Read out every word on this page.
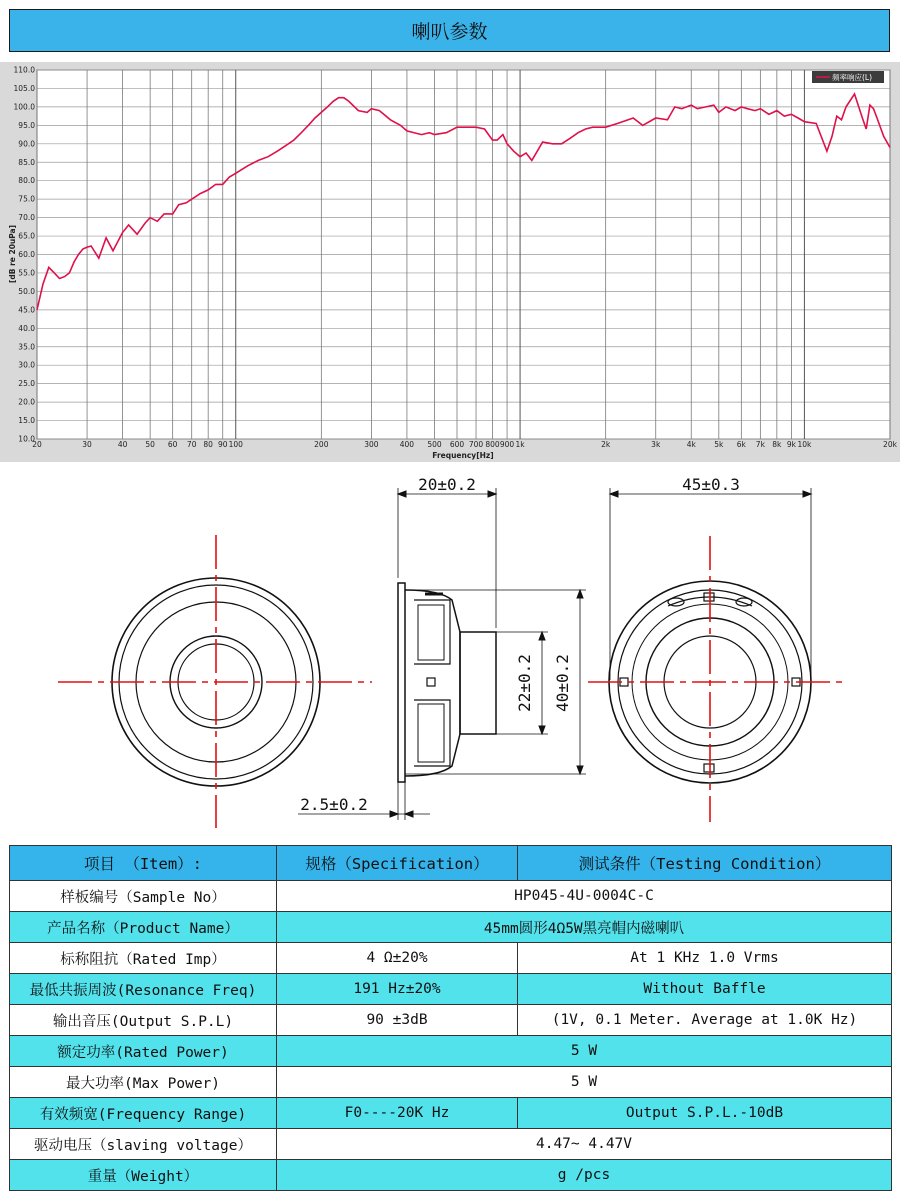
喇叭参数
10.0
15.0
20.0
25.0
30.0
35.0
40.0
45.0
50.0
55.0
60.0
65.0
70.0
75.0
80.0
85.0
90.0
95.0
100.0
105.0
110.0
20	30	40 50 60 70 80 90 100	200	300	400 500 600 700 800 900 1k	2k	3k	4k 5k 6k 7k 8k 9k 10k	20k
[dB re 20uPa]
Frequency[Hz]
频率响应(L)
20±0.2
22±0.2 40±0.2
2.5±0.2
45±0.3
项目 （Item）:	规格（Specification）	测试条件（Testing Condition）
样板编号（Sample No）	HP045-4U-0004C-C	
产品名称（Product Name）	45mm圆形4Ω5W黑亮帽内磁喇叭	
标称阻抗（Rated Imp）	4 Ω±20%	At 1 KHz 1.0 Vrms
最低共振周波(Resonance Freq)	191 Hz±20%	Without Baffle
输出音压(Output S.P.L)	90 ±3dB	(1V, 0.1 Meter. Average at 1.0K Hz)
额定功率(Rated Power)	5 W	
最大功率(Max Power)	5 W	
有效频宽(Frequency Range)	F0----20K Hz	Output S.P.L.-10dB
驱动电压（slaving voltage）	4.47~ 4.47V	
重量（Weight）	g /pcs	
